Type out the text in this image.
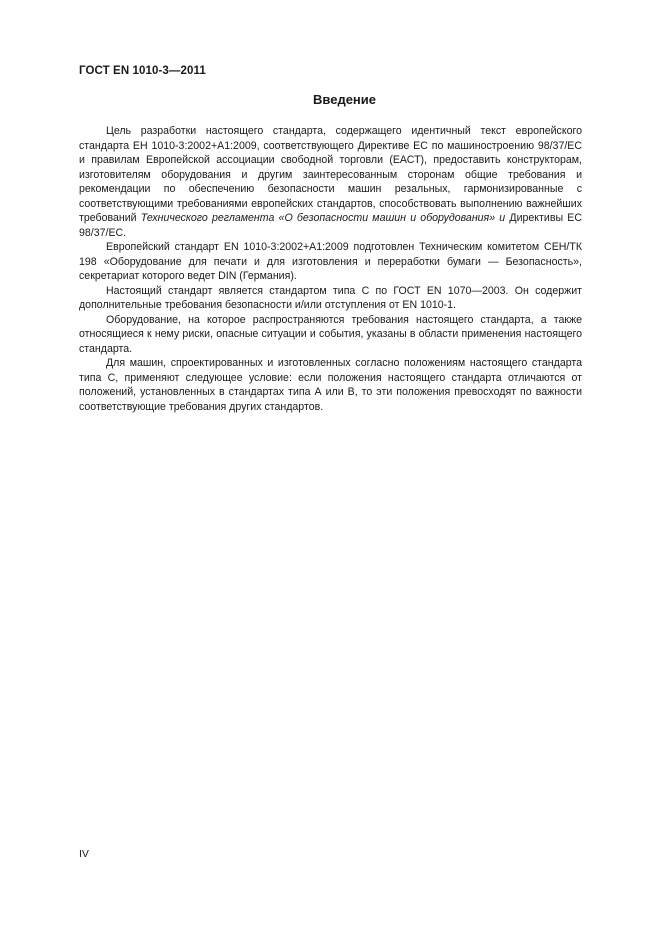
ГОСТ EN 1010-3—2011
Введение

Цель разработки настоящего стандарта, содержащего идентичный текст европейского стандарта ЕН 1010-3:2002+А1:2009, соответствующего Директиве ЕС по машиностроению 98/37/ЕС и правилам Европейской ассоциации свободной торговли (ЕАСТ), предоставить конструкторам, изготовителям оборудования и другим заинтересованным сторонам общие требования и рекомендации по обеспечению безопасности машин резальных, гармонизированные с соответствующими требованиями европейских стандартов, способствовать выполнению важнейших требований Технического регламента «О безопасности машин и оборудования» и Директивы ЕС 98/37/ЕС.

Европейский стандарт EN 1010-3:2002+A1:2009 подготовлен Техническим комитетом СЕН/ТК 198 «Оборудование для печати и для изготовления и переработки бумаги — Безопасность», секретариат которого ведет DIN (Германия).

Настоящий стандарт является стандартом типа С по ГОСТ EN 1070—2003. Он содержит дополнительные требования безопасности и/или отступления от EN 1010-1.

Оборудование, на которое распространяются требования настоящего стандарта, а также относящиеся к нему риски, опасные ситуации и события, указаны в области применения настоящего стандарта.

Для машин, спроектированных и изготовленных согласно положениям настоящего стандарта типа С, применяют следующее условие: если положения настоящего стандарта отличаются от положений, установленных в стандартах типа А или В, то эти положения превосходят по важности соответствующие требования других стандартов.

IV
